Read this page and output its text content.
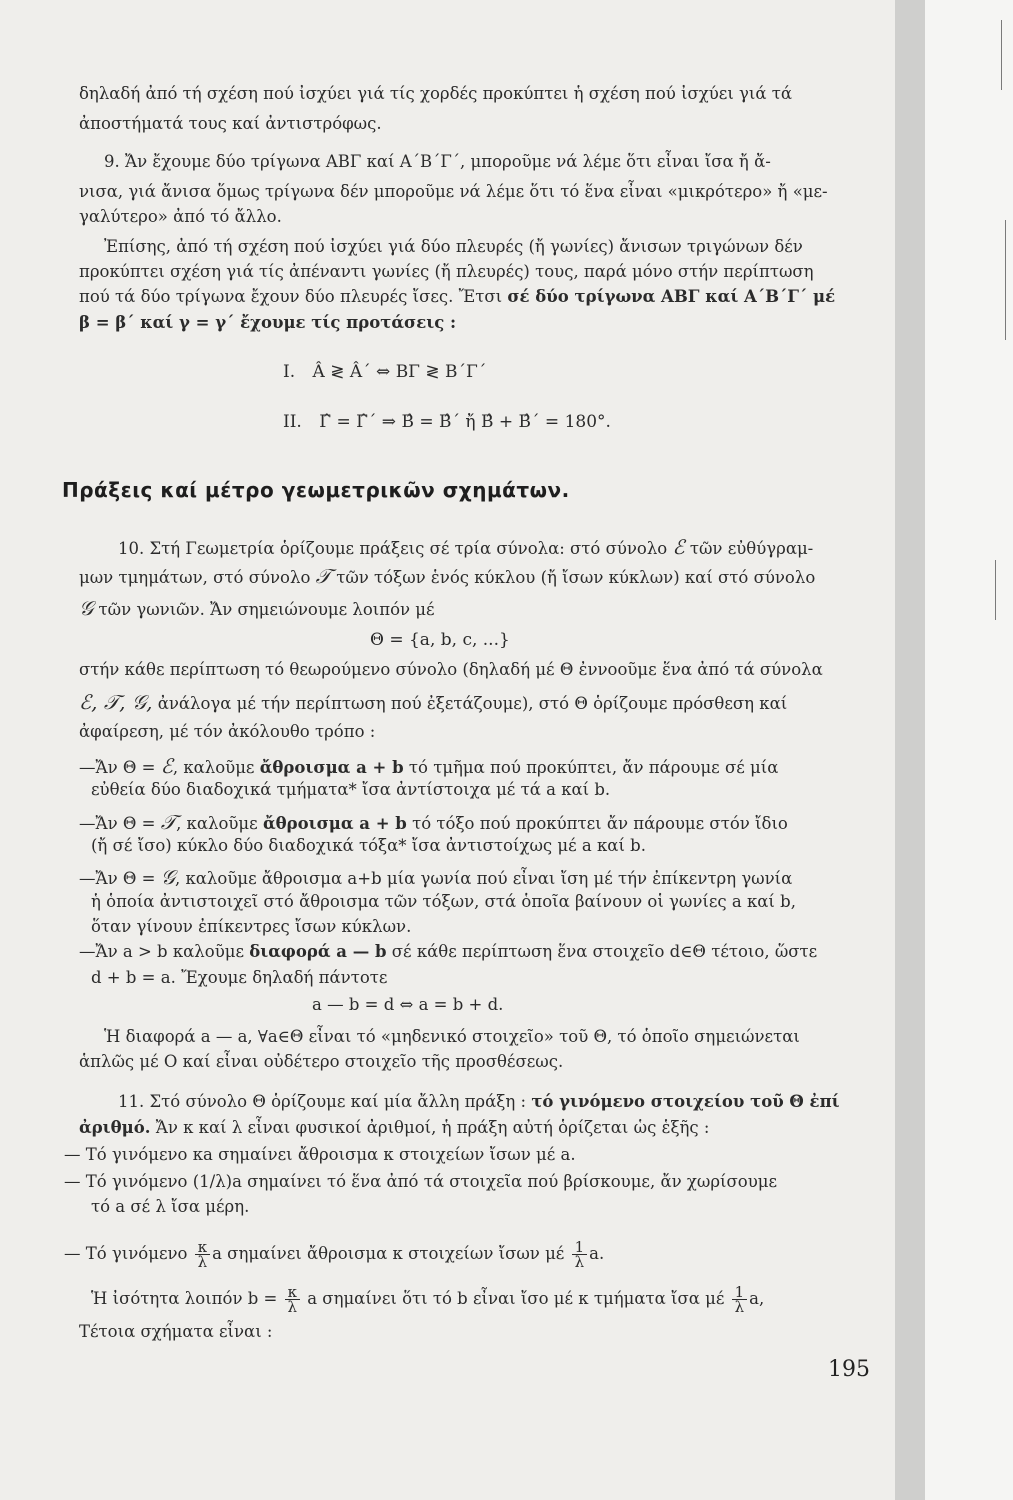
δηλαδή ἀπό τή σχέση πού ἰσχύει γιά τίς χορδές προκύπτει ἡ σχέση πού ἰσχύει γιά τά
ἀποστήματά τους καί ἀντιστρόφως.
9. Ἄν ἔχουμε δύο τρίγωνα ΑΒΓ καί Α΄Β΄Γ΄, μποροῦμε νά λέμε ὅτι εἶναι ἴσα ἤ ἄ-
νισα, γιά ἄνισα ὅμως τρίγωνα δέν μποροῦμε νά λέμε ὅτι τό ἕνα εἶναι «μικρότερο» ἤ «με-
γαλύτερο» ἀπό τό ἄλλο.
Ἐπίσης, ἀπό τή σχέση πού ἰσχύει γιά δύο πλευρές (ἤ γωνίες) ἄνισων τριγώνων δέν
προκύπτει σχέση γιά τίς ἀπέναντι γωνίες (ἤ πλευρές) τους, παρά μόνο στήν περίπτωση
πού τά δύο τρίγωνα ἔχουν δύο πλευρές ἴσες. Ἔτσι σέ δύο τρίγωνα ΑΒΓ καί Α΄Β΄Γ΄ μέ
β = β΄ καί γ = γ΄ ἔχουμε τίς προτάσεις :
I. Â ≷ Â΄ ⇔ ΒΓ ≷ Β΄Γ΄
II. Γ̂ = Γ̂΄ ⇒ Β̂ = Β̂΄ ἤ Β̂ + Β̂΄ = 180°.
Πράξεις καί μέτρο γεωμετρικῶν σχημάτων.
10. Στή Γεωμετρία ὁρίζουμε πράξεις σέ τρία σύνολα: στό σύνολο ℰ τῶν εὐθύγραμ-
μων τμημάτων, στό σύνολο 𝒯 τῶν τόξων ἑνός κύκλου (ἤ ἴσων κύκλων) καί στό σύνολο
𝒢 τῶν γωνιῶν. Ἄν σημειώνουμε λοιπόν μέ
Θ = {a, b, c, ...}
στήν κάθε περίπτωση τό θεωρούμενο σύνολο (δηλαδή μέ Θ ἐννοοῦμε ἕνα ἀπό τά σύνολα
ℰ, 𝒯, 𝒢, ἀνάλογα μέ τήν περίπτωση πού ἐξετάζουμε), στό Θ ὁρίζουμε πρόσθεση καί
ἀφαίρεση, μέ τόν ἀκόλουθο τρόπο :
—Ἄν Θ = ℰ, καλοῦμε ἄθροισμα a + b τό τμῆμα πού προκύπτει, ἄν πάρουμε σέ μία
εὐθεία δύο διαδοχικά τμήματα* ἴσα ἀντίστοιχα μέ τά a καί b.
—Ἄν Θ = 𝒯, καλοῦμε ἄθροισμα a + b τό τόξο πού προκύπτει ἄν πάρουμε στόν ἴδιο
(ἤ σέ ἴσο) κύκλο δύο διαδοχικά τόξα* ἴσα ἀντιστοίχως μέ a καί b.
—Ἄν Θ = 𝒢, καλοῦμε ἄθροισμα a+b μία γωνία πού εἶναι ἴση μέ τήν ἐπίκεντρη γωνία
ἡ ὁποία ἀντιστοιχεῖ στό ἄθροισμα τῶν τόξων, στά ὁποῖα βαίνουν οἱ γωνίες a καί b,
ὅταν γίνουν ἐπίκεντρες ἴσων κύκλων.
—Ἄν a > b καλοῦμε διαφορά a — b σέ κάθε περίπτωση ἕνα στοιχεῖο d∈Θ τέτοιο, ὥστε
d + b = a. Ἔχουμε δηλαδή πάντοτε
a — b = d ⇔ a = b + d.
Ἡ διαφορά a — a, ∀a∈Θ εἶναι τό «μηδενικό στοιχεῖο» τοῦ Θ, τό ὁποῖο σημειώνεται
ἁπλῶς μέ Ο καί εἶναι οὐδέτερο στοιχεῖο τῆς προσθέσεως.
11. Στό σύνολο Θ ὁρίζουμε καί μία ἄλλη πράξη : τό γινόμενο στοιχείου τοῦ Θ ἐπί
ἀριθμό. Ἄν κ καί λ εἶναι φυσικοί ἀριθμοί, ἡ πράξη αὐτή ὁρίζεται ὡς ἑξῆς :
— Τό γινόμενο κa σημαίνει ἄθροισμα κ στοιχείων ἴσων μέ a.
— Τό γινόμενο (1/λ)a σημαίνει τό ἕνα ἀπό τά στοιχεῖα πού βρίσκουμε, ἄν χωρίσουμε
τό a σέ λ ἴσα μέρη.
— Τό γινόμενο $\frac{\kappa}{\lambda}$ a σημαίνει ἄθροισμα κ στοιχείων ἴσων μέ $\frac{1}{\lambda} a$.
Ἡ ἰσότητα λοιπόν $b = \frac{\kappa}{\lambda}$ a σημαίνει ὅτι τό b εἶναι ἴσο μέ κ τμήματα ἴσα μέ $\frac{1}{\lambda} a$,
Τέτοια σχήματα εἶναι :
195
